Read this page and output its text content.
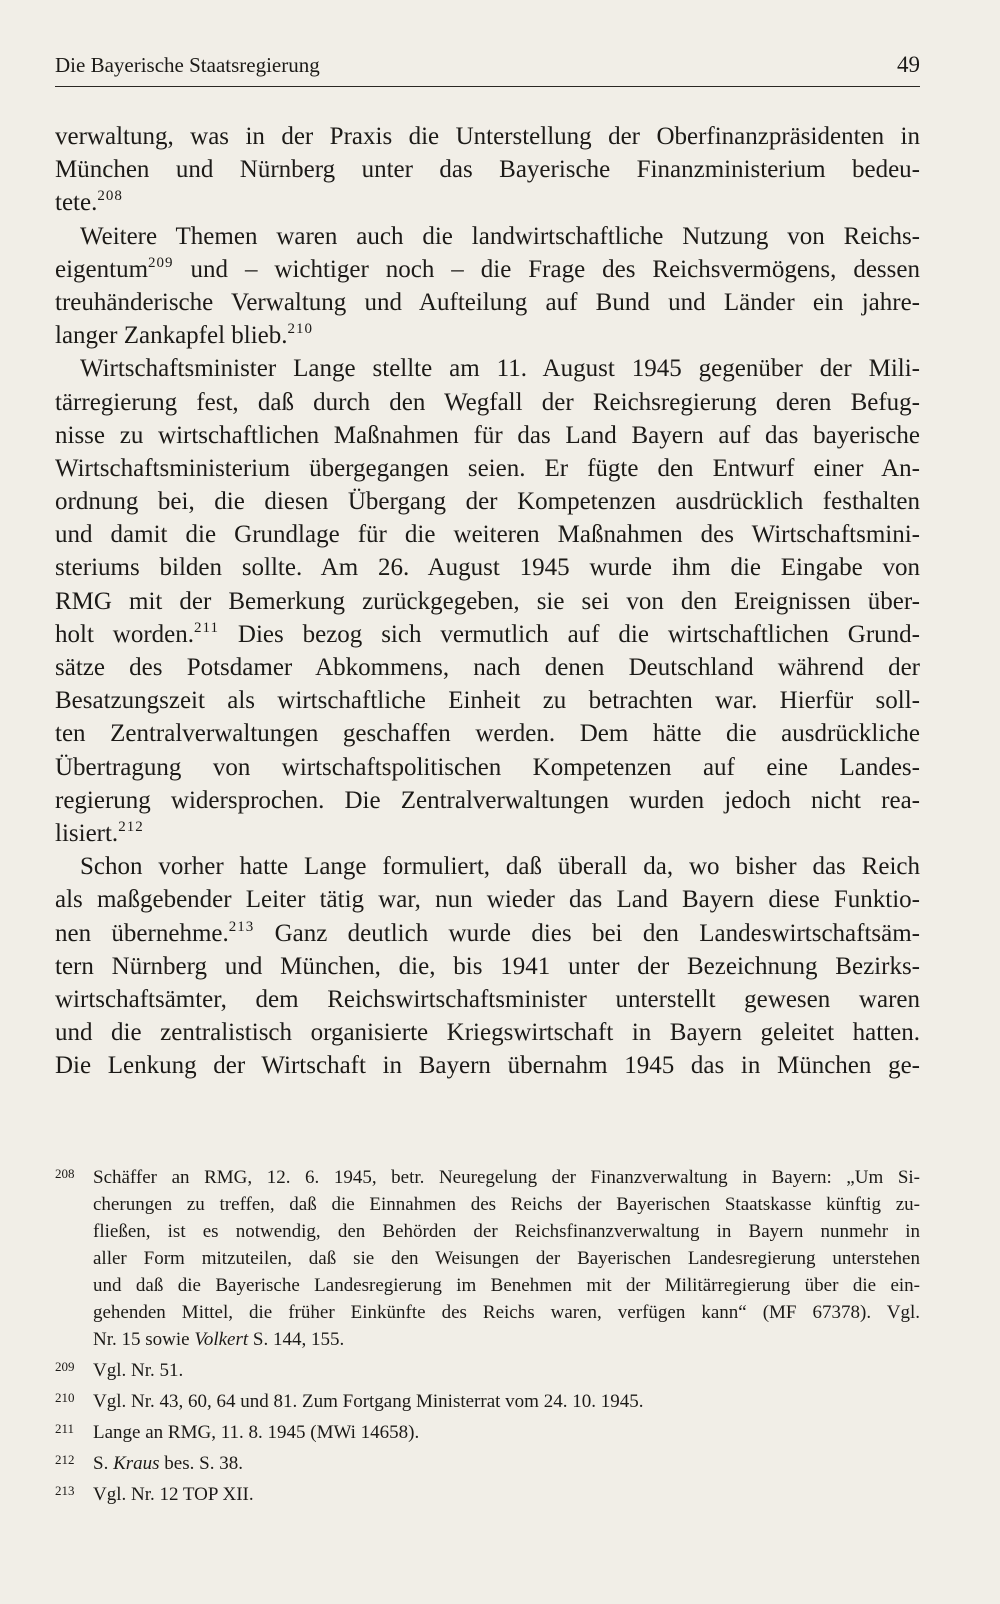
Die Bayerische Staatsregierung	49
verwaltung, was in der Praxis die Unterstellung der Oberfinanzpräsidenten in
München und Nürnberg unter das Bayerische Finanzministerium bedeu-
tete.$^{208}$
Weitere Themen waren auch die landwirtschaftliche Nutzung von Reichs-
eigentum$^{209}$ und – wichtiger noch – die Frage des Reichsvermögens, dessen
treuhänderische Verwaltung und Aufteilung auf Bund und Länder ein jahre-
langer Zankapfel blieb.$^{210}$
Wirtschaftsminister Lange stellte am 11. August 1945 gegenüber der Mili-
tärregierung fest, daß durch den Wegfall der Reichsregierung deren Befug-
nisse zu wirtschaftlichen Maßnahmen für das Land Bayern auf das bayerische
Wirtschaftsministerium übergegangen seien. Er fügte den Entwurf einer An-
ordnung bei, die diesen Übergang der Kompetenzen ausdrücklich festhalten
und damit die Grundlage für die weiteren Maßnahmen des Wirtschaftsmini-
steriums bilden sollte. Am 26. August 1945 wurde ihm die Eingabe von
RMG mit der Bemerkung zurückgegeben, sie sei von den Ereignissen über-
holt worden.$^{211}$ Dies bezog sich vermutlich auf die wirtschaftlichen Grund-
sätze des Potsdamer Abkommens, nach denen Deutschland während der
Besatzungszeit als wirtschaftliche Einheit zu betrachten war. Hierfür soll-
ten Zentralverwaltungen geschaffen werden. Dem hätte die ausdrückliche
Übertragung von wirtschaftspolitischen Kompetenzen auf eine Landes-
regierung widersprochen. Die Zentralverwaltungen wurden jedoch nicht rea-
lisiert.$^{212}$
Schon vorher hatte Lange formuliert, daß überall da, wo bisher das Reich
als maßgebender Leiter tätig war, nun wieder das Land Bayern diese Funktio-
nen übernehme.$^{213}$ Ganz deutlich wurde dies bei den Landeswirtschaftsäm-
tern Nürnberg und München, die, bis 1941 unter der Bezeichnung Bezirks-
wirtschaftsämter, dem Reichswirtschaftsminister unterstellt gewesen waren
und die zentralistisch organisierte Kriegswirtschaft in Bayern geleitet hatten.
Die Lenkung der Wirtschaft in Bayern übernahm 1945 das in München ge-
208 Schäffer an RMG, 12. 6. 1945, betr. Neuregelung der Finanzverwaltung in Bayern: „Um Si-
cherungen zu treffen, daß die Einnahmen des Reichs der Bayerischen Staatskasse künftig zu-
fließen, ist es notwendig, den Behörden der Reichsfinanzverwaltung in Bayern nunmehr in
aller Form mitzuteilen, daß sie den Weisungen der Bayerischen Landesregierung unterstehen
und daß die Bayerische Landesregierung im Benehmen mit der Militärregierung über die ein-
gehenden Mittel, die früher Einkünfte des Reichs waren, verfügen kann“ (MF 67378). Vgl.
Nr. 15 sowie Volkert S. 144, 155.
209 Vgl. Nr. 51.
210 Vgl. Nr. 43, 60, 64 und 81. Zum Fortgang Ministerrat vom 24. 10. 1945.
211 Lange an RMG, 11. 8. 1945 (MWi 14658).
212 S. Kraus bes. S. 38.
213 Vgl. Nr. 12 TOP XII.
